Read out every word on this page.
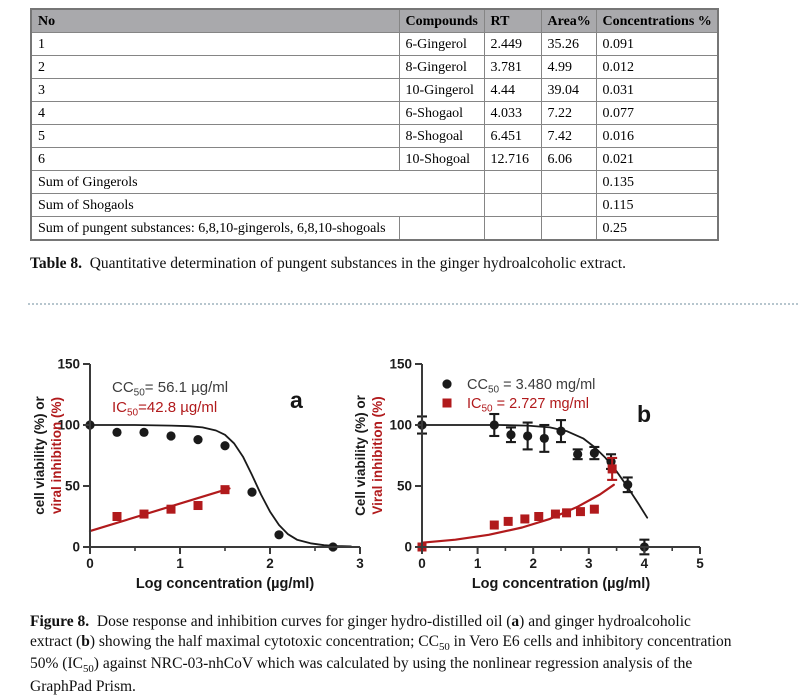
No	Compounds	RT	Area%	Concentrations %
1	6-Gingerol	2.449	35.26	0.091
2	8-Gingerol	3.781	4.99	0.012
3	10-Gingerol	4.44	39.04	0.031
4	6-Shogaol	4.033	7.22	0.077
5	8-Shogoal	6.451	7.42	0.016
6	10-Shogoal	12.716	6.06	0.021
Sum of Gingerols				0.135
Sum of Shogaols				0.115
Sum of pungent substances: 6,8,10-gingerols, 6,8,10-shogoals				0.25

Table 8.  Quantitative determination of pungent substances in the ginger hydroalcoholic extract.

0
50
100
150
0	1	2	3
Log concentration (µg/ml)
cell viability (%) or viral inhibition (%)
$CC_{50}= 56.1$ µg/ml
$IC_{50}=42.8$ µg/ml	a
0
50
100
150
0	1	2	3	4	5
Log concentration (µg/ml)
Cell viability (%) or Viral inhibition (%)
$CC_{50} = 3.480$ mg/ml
$IC_{50} = 2.727$ mg/ml b

Figure 8.  Dose response and inhibition curves for ginger hydro-distilled oil (a) and ginger hydroalcoholic extract (b) showing the half maximal cytotoxic concentration; $CC_{50}$ in Vero E6 cells and inhibitory concentration 50% $(IC_{50})$ against NRC-03-nhCoV which was calculated by using the nonlinear regression analysis of the GraphPad Prism.
